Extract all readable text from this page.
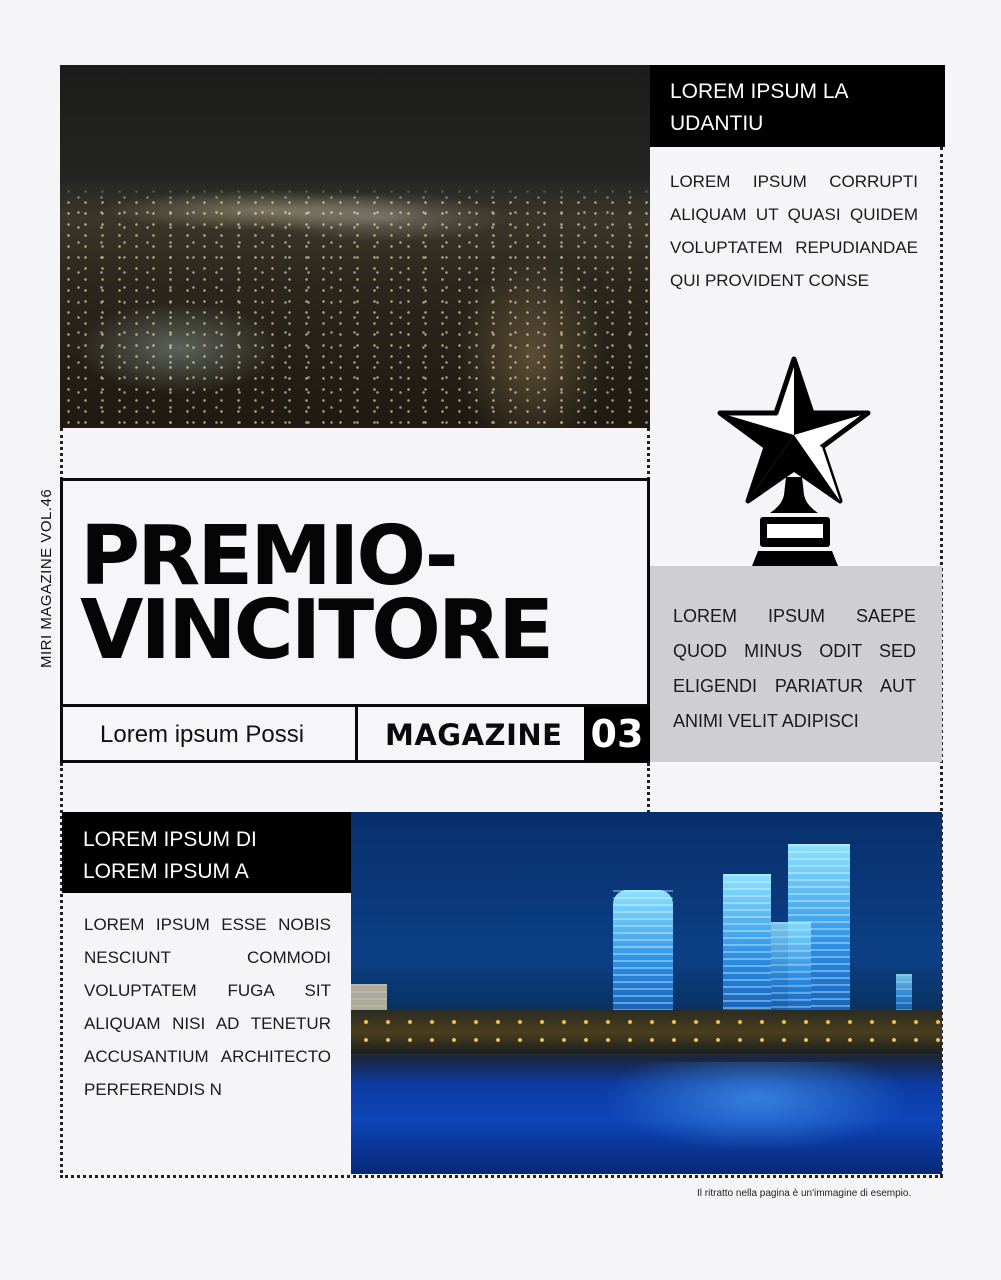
LOREM IPSUM LA UDANTIU
LOREM IPSUM CORRUPTI ALIQUAM UT QUASI QUIDEM VOLUPTATEM REPUDIANDAE QUI PROVIDENT CONSE
LOREM IPSUM SAEPE QUOD MINUS ODIT SED ELIGENDI PARIATUR AUT ANIMI VELIT ADIPISCI
PREMIO-
VINCITORE
Lorem ipsum Possi	MAGAZINE 03
MIRI MAGAZINE VOL.46
LOREM IPSUM DI LOREM IPSUM A
LOREM IPSUM ESSE NOBIS NESCIUNT COMMODI VOLUPTATEM FUGA SIT ALIQUAM NISI AD TENETUR ACCUSANTIUM ARCHITECTO PERFERENDIS N
Il ritratto nella pagina è un'immagine di esempio.
